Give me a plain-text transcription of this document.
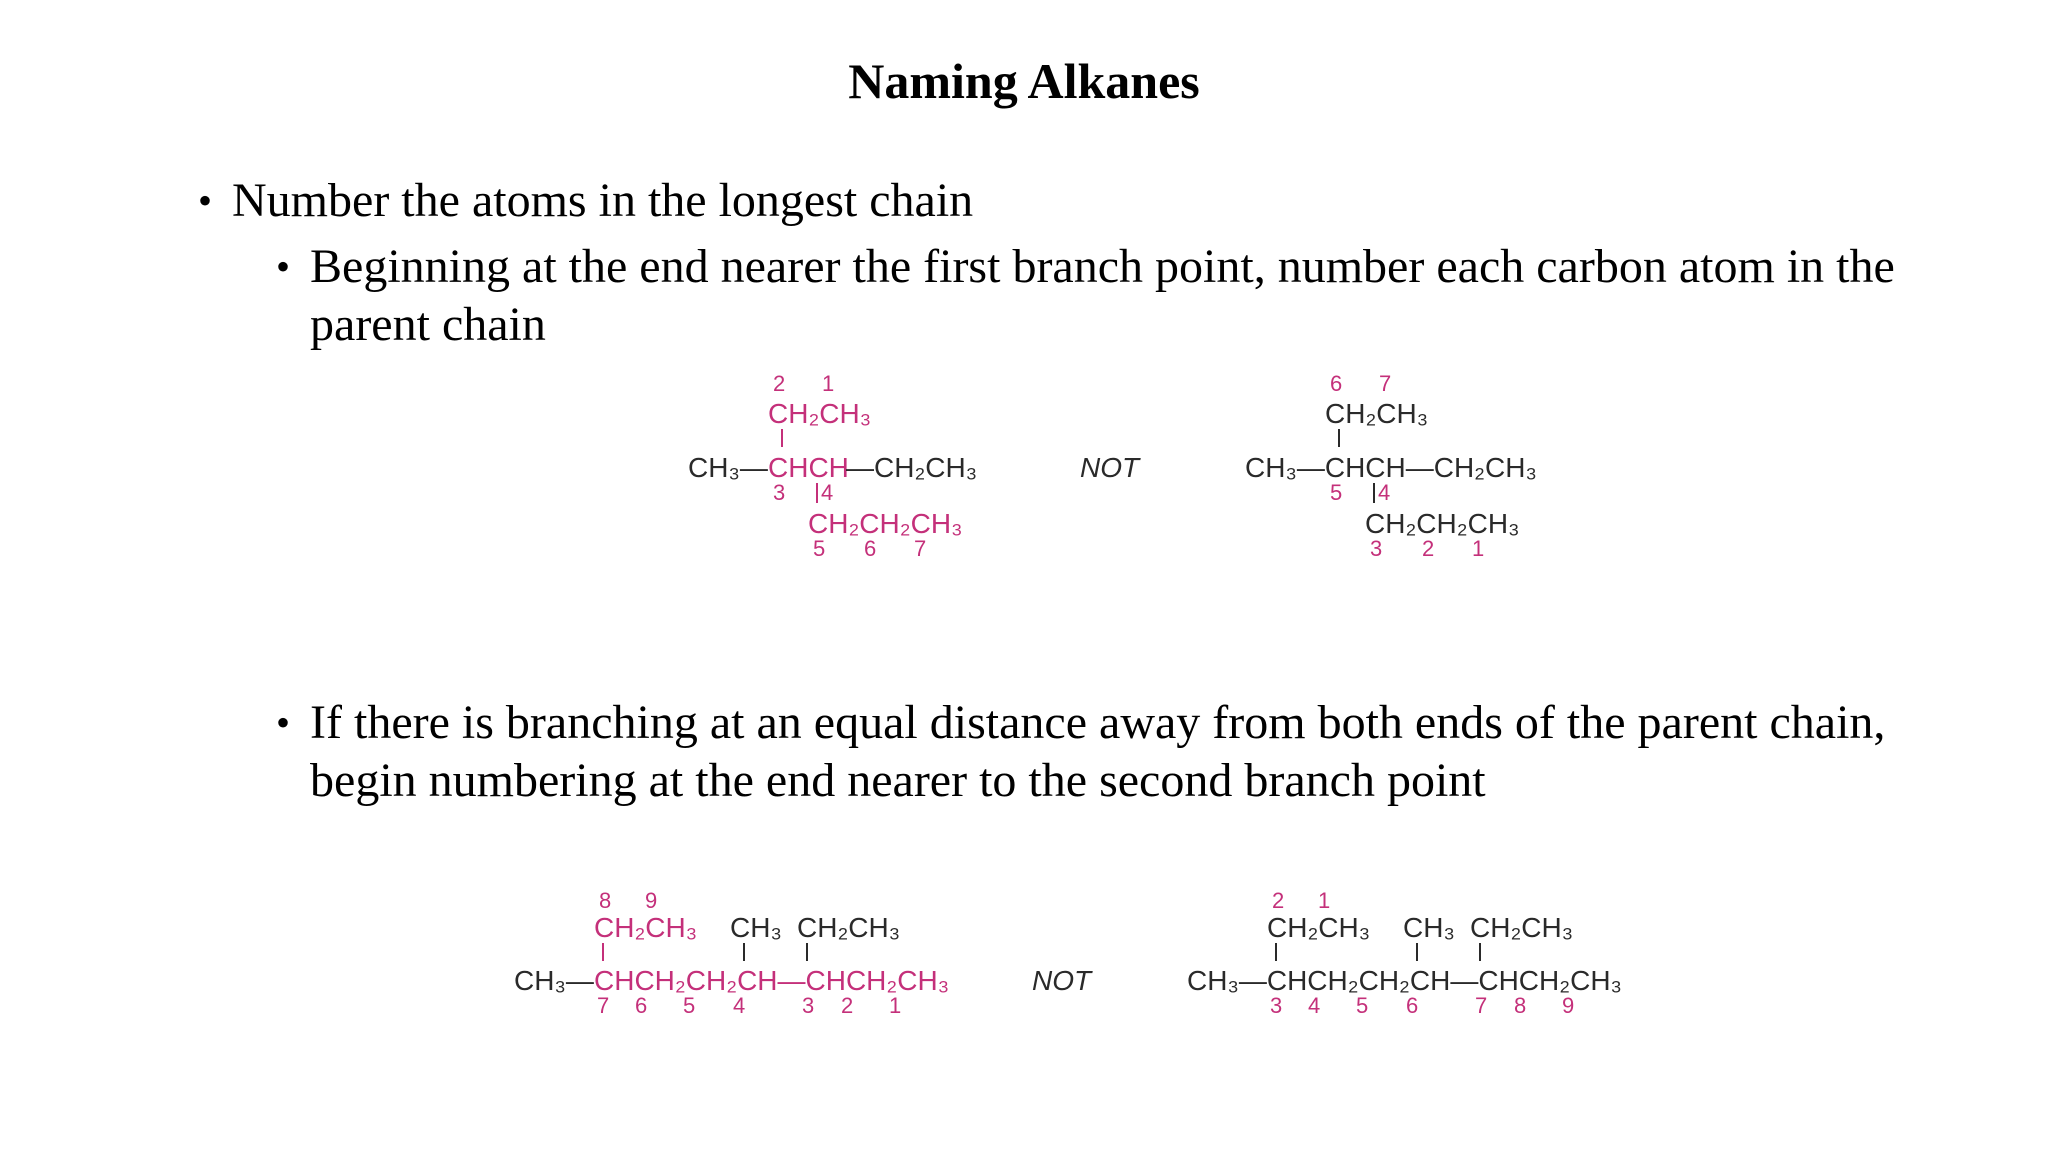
Naming Alkanes
• Number the atoms in the longest chain
• Beginning at the end nearer the first branch point, number each carbon atom in the parent chain
• If there is branching at an equal distance away from both ends of the parent chain, begin numbering at the end nearer to the second branch point
2 1
CH₂CH₃
CH₃— CHCH
—CH₂CH₃
3 4
CH₂CH₂CH₃
5 6 7
NOT
6 7
CH₂CH₃
CH₃—CHCH—CH₂CH₃
5 4
CH₂CH₂CH₃
3 2 1
8 9
CH₂CH₃ CH₃ CH₂CH₃
CH₃— CHCH₂CH₂CH—CHCH₂CH₃
7 6 5 4	3 2 1
NOT
2 1
CH₂CH₃ CH₃ CH₂CH₃
CH₃—CHCH₂CH₂CH—CHCH₂CH₃
3 4 5 6	7 8 9
